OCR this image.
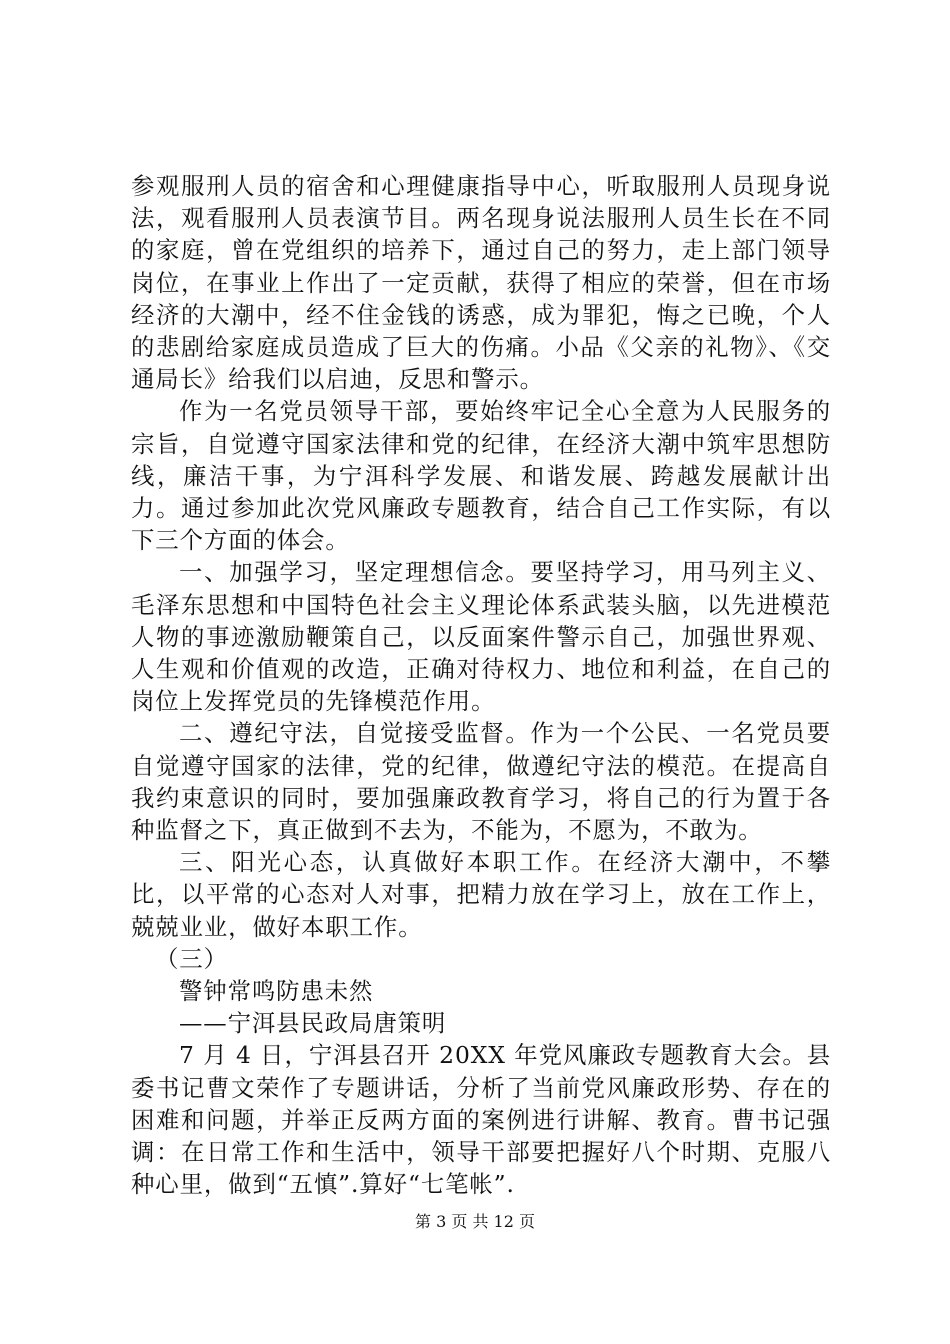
参观服刑人员的宿舍和心理健康指导中心，听取服刑人员现身说法，观看服刑人员表演节目。两名现身说法服刑人员生长在不同的家庭，曾在党组织的培养下，通过自己的努力，走上部门领导岗位，在事业上作出了一定贡献，获得了相应的荣誉，但在市场经济的大潮中，经不住金钱的诱惑，成为罪犯，悔之已晚，个人的悲剧给家庭成员造成了巨大的伤痛。小品《父亲的礼物》、《交通局长》给我们以启迪，反思和警示。

作为一名党员领导干部，要始终牢记全心全意为人民服务的宗旨，自觉遵守国家法律和党的纪律，在经济大潮中筑牢思想防线，廉洁干事，为宁洱科学发展、和谐发展、跨越发展献计出力。通过参加此次党风廉政专题教育，结合自己工作实际，有以下三个方面的体会。

一、加强学习，坚定理想信念。要坚持学习，用马列主义、毛泽东思想和中国特色社会主义理论体系武装头脑，以先进模范人物的事迹激励鞭策自己，以反面案件警示自己，加强世界观、人生观和价值观的改造，正确对待权力、地位和利益，在自己的岗位上发挥党员的先锋模范作用。

二、遵纪守法，自觉接受监督。作为一个公民、一名党员要自觉遵守国家的法律，党的纪律，做遵纪守法的模范。在提高自我约束意识的同时，要加强廉政教育学习，将自己的行为置于各种监督之下，真正做到不去为，不能为，不愿为，不敢为。

三、阳光心态，认真做好本职工作。在经济大潮中，不攀比，以平常的心态对人对事，把精力放在学习上，放在工作上，兢兢业业，做好本职工作。

（三）

警钟常鸣防患未然

——宁洱县民政局唐策明

7 月 4 日，宁洱县召开 20XX 年党风廉政专题教育大会。县委书记曹文荣作了专题讲话，分析了当前党风廉政形势、存在的困难和问题，并举正反两方面的案例进行讲解、教育。曹书记强调：在日常工作和生活中，领导干部要把握好八个时期、克服八种心里，做到“五慎”.算好“七笔帐”.

第 3 页 共 12 页
